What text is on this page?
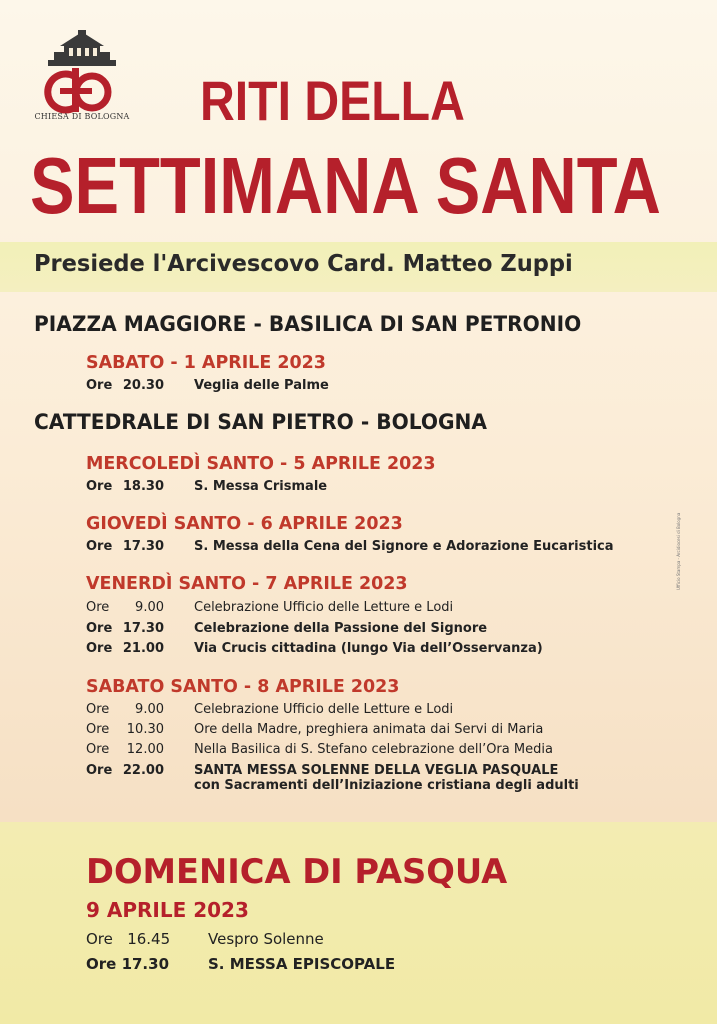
CHIESA DI BOLOGNA RITI DELLA
SETTIMANA SANTA
Presiede l'Arcivescovo Card. Matteo Zuppi
PIAZZA MAGGIORE - BASILICA DI SAN PETRONIO
SABATO - 1 APRILE 2023
Ore 20.30 Veglia delle Palme
CATTEDRALE DI SAN PIETRO - BOLOGNA
MERCOLEDÌ SANTO - 5 APRILE 2023
Ore 18.30 S. Messa Crismale
GIOVEDÌ SANTO - 6 APRILE 2023
Ore 17.30 S. Messa della Cena del Signore e Adorazione Eucaristica
VENERDÌ SANTO - 7 APRILE 2023
Ore 9.00 Celebrazione Ufficio delle Letture e Lodi
Ore 17.30 Celebrazione della Passione del Signore
Ore 21.00 Via Crucis cittadina (lungo Via dell’Osservanza)
SABATO SANTO - 8 APRILE 2023
Ore 9.00 Celebrazione Ufficio delle Letture e Lodi
Ore 10.30 Ore della Madre, preghiera animata dai Servi di Maria
Ore 12.00 Nella Basilica di S. Stefano celebrazione dell’Ora Media
Ore 22.00 SANTA MESSA SOLENNE DELLA VEGLIA PASQUALE
con Sacramenti dell’Iniziazione cristiana degli adulti
DOMENICA DI PASQUA
9 APRILE 2023
Ore 16.45	Vespro Solenne
Ore 17.30	S. MESSA EPISCOPALE
Ufficio Stampa - Arcidiocesi di Bologna
